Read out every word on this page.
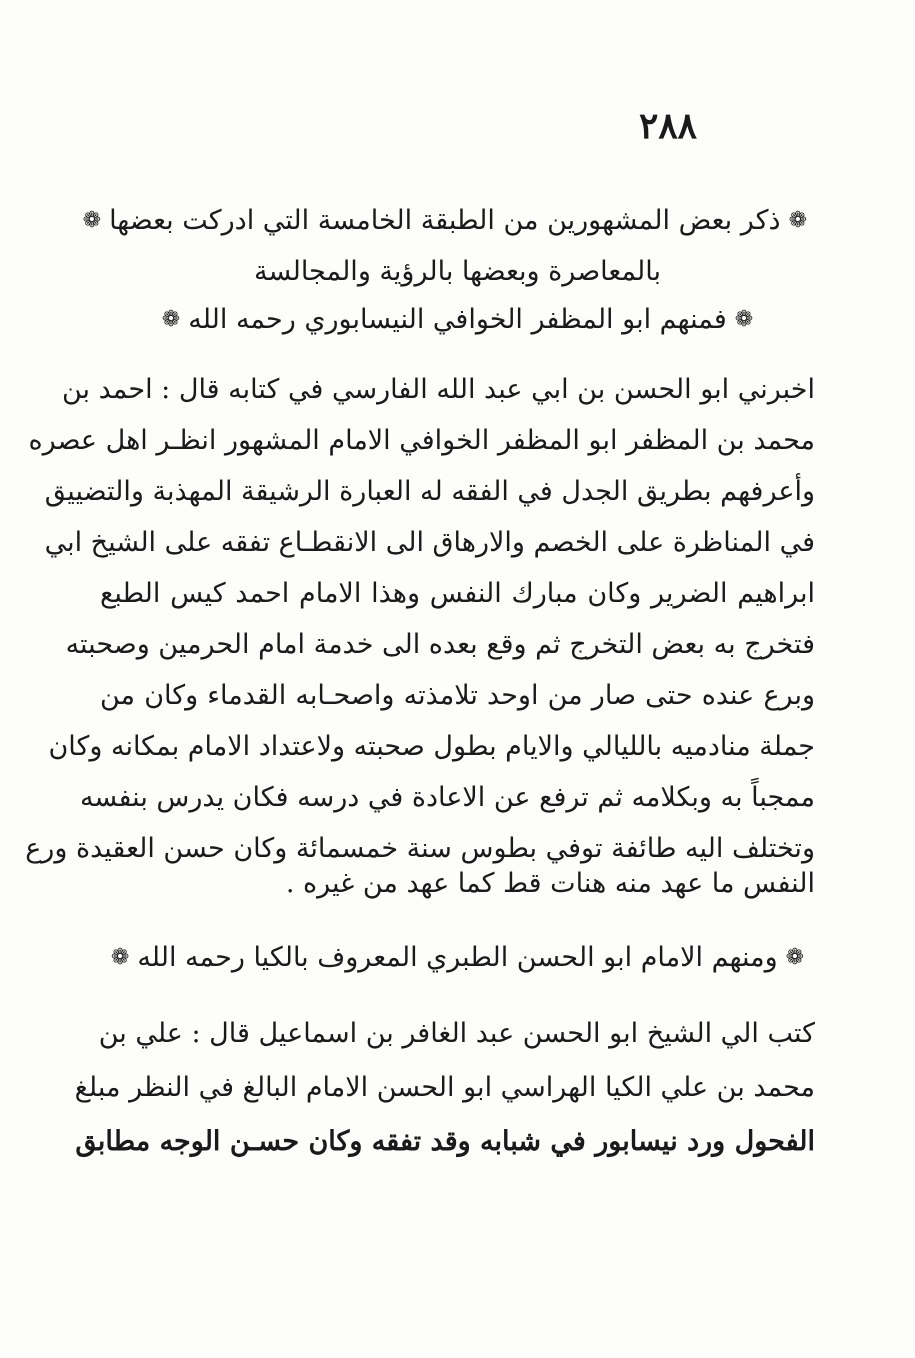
٢٨٨
❁ذكر بعض المشهورين من الطبقة الخامسة التي ادركت بعضها❁
بالمعاصرة وبعضها بالرؤية والمجالسة
❁فمنهم ابو المظفر الخوافي النيسابوري رحمه الله❁
اخبرني ابو الحسن بن ابي عبد الله الفارسي في كتابه قال : احمد بن
محمد بن المظفر ابو المظفر الخوافي الامام المشهور انظـر اهل عصره
وأعرفهم بطريق الجدل في الفقه له العبارة الرشيقة المهذبة والتضييق
في المناظرة على الخصم والارهاق الى الانقطـاع تفقه على الشيخ ابي
ابراهيم الضرير وكان مبارك النفس وهذا الامام احمد كيس الطبع
فتخرج به بعض التخرج ثم وقع بعده الى خدمة امام الحرمين وصحبته
وبرع عنده حتى صار من اوحد تلامذته واصحـابه القدماء وكان من
جملة منادميه بالليالي والايام بطول صحبته ولاعتداد الامام بمكانه وكان
ممجباً به وبكلامه ثم ترفع عن الاعادة في درسه فكان يدرس بنفسه
وتختلف اليه طائفة توفي بطوس سنة خمسمائة وكان حسن العقيدة ورع
النفس ما عهد منه هنات قط كما عهد من غيره .
❁ومنهم الامام ابو الحسن الطبري المعروف بالكيا رحمه الله❁
كتب الي الشيخ ابو الحسن عبد الغافر بن اسماعيل قال : علي بن
محمد بن علي الكيا الهراسي ابو الحسن الامام البالغ في النظر مبلغ
الفحول ورد نيسابور في شبابه وقد تفقه وكان حسـن الوجه مطابق
